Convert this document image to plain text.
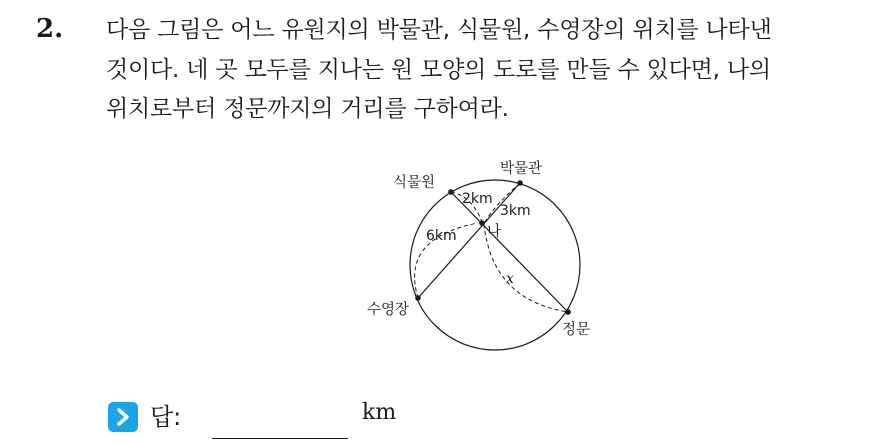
2. 다음 그림은 어느 유원지의 박물관, 식물원, 수영장의 위치를 나타낸
것이다. 네 곳 모두를 지나는 원 모양의 도로를 만들 수 있다면, 나의
위치로부터 정문까지의 거리를 구하여라.

식물원
박물관
수영장
정문
나
2km
3km
6km
x
답:	km
